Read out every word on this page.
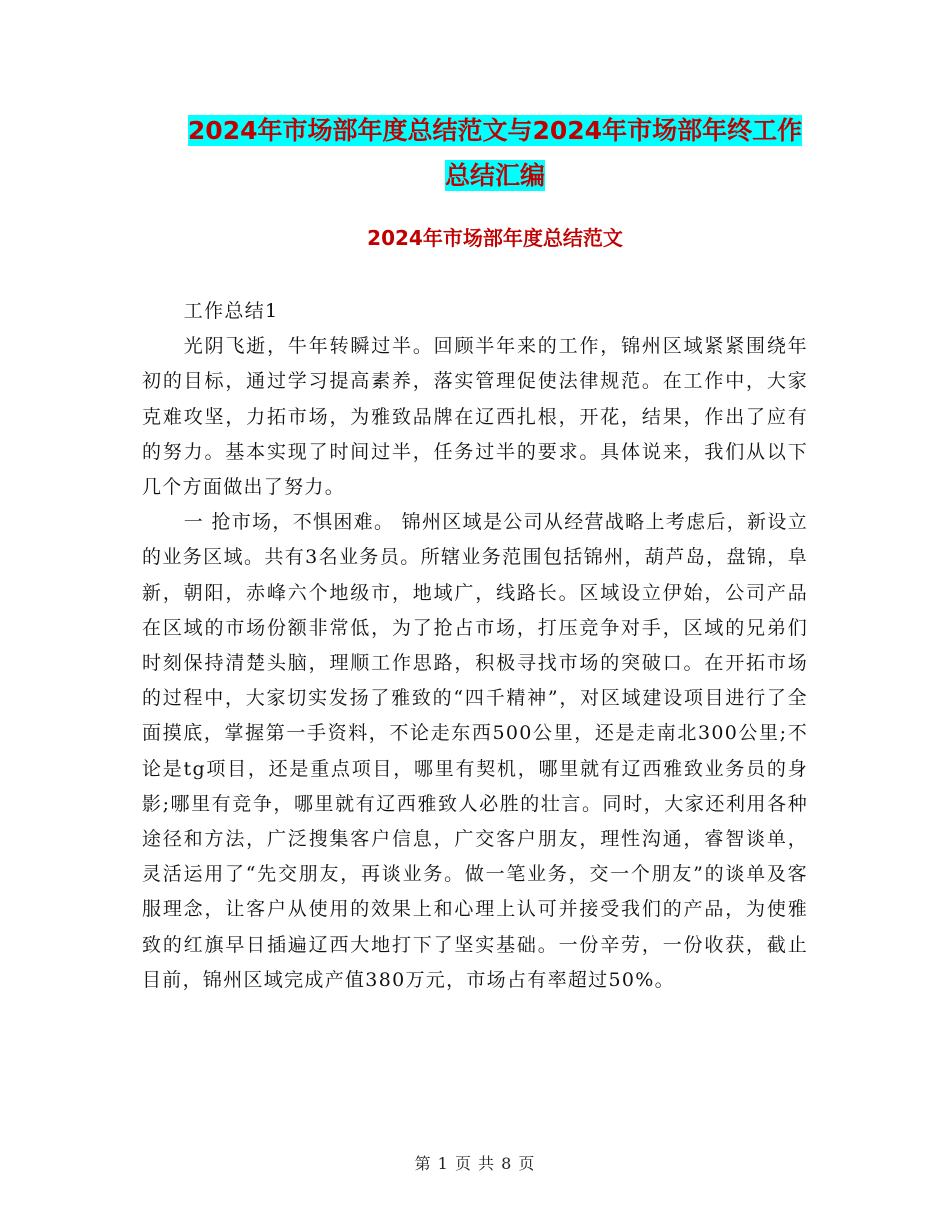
2024年市场部年度总结范文与2024年市场部年终工作
总结汇编
2024年市场部年度总结范文

工作总结1

光阴飞逝，牛年转瞬过半。回顾半年来的工作，锦州区域紧紧围绕年初的目标，通过学习提高素养，落实管理促使法律规范。在工作中，大家克难攻坚，力拓市场，为雅致品牌在辽西扎根，开花，结果，作出了应有的努力。基本实现了时间过半，任务过半的要求。具体说来，我们从以下几个方面做出了努力。

一 抢市场，不惧困难。 锦州区域是公司从经营战略上考虑后，新设立的业务区域。共有3名业务员。所辖业务范围包括锦州，葫芦岛，盘锦，阜新，朝阳，赤峰六个地级市，地域广，线路长。区域设立伊始，公司产品在区域的市场份额非常低，为了抢占市场，打压竞争对手，区域的兄弟们时刻保持清楚头脑，理顺工作思路，积极寻找市场的突破口。在开拓市场的过程中，大家切实发扬了雅致的“四千精神”，对区域建设项目进行了全面摸底，掌握第一手资料，不论走东西500公里，还是走南北300公里;不论是tg项目，还是重点项目，哪里有契机，哪里就有辽西雅致业务员的身影;哪里有竞争，哪里就有辽西雅致人必胜的壮言。同时，大家还利用各种途径和方法，广泛搜集客户信息，广交客户朋友，理性沟通，睿智谈单，灵活运用了“先交朋友，再谈业务。做一笔业务，交一个朋友”的谈单及客服理念，让客户从使用的效果上和心理上认可并接受我们的产品，为使雅致的红旗早日插遍辽西大地打下了坚实基础。一份辛劳，一份收获，截止目前，锦州区域完成产值380万元，市场占有率超过50%。

第 1 页 共 8 页
